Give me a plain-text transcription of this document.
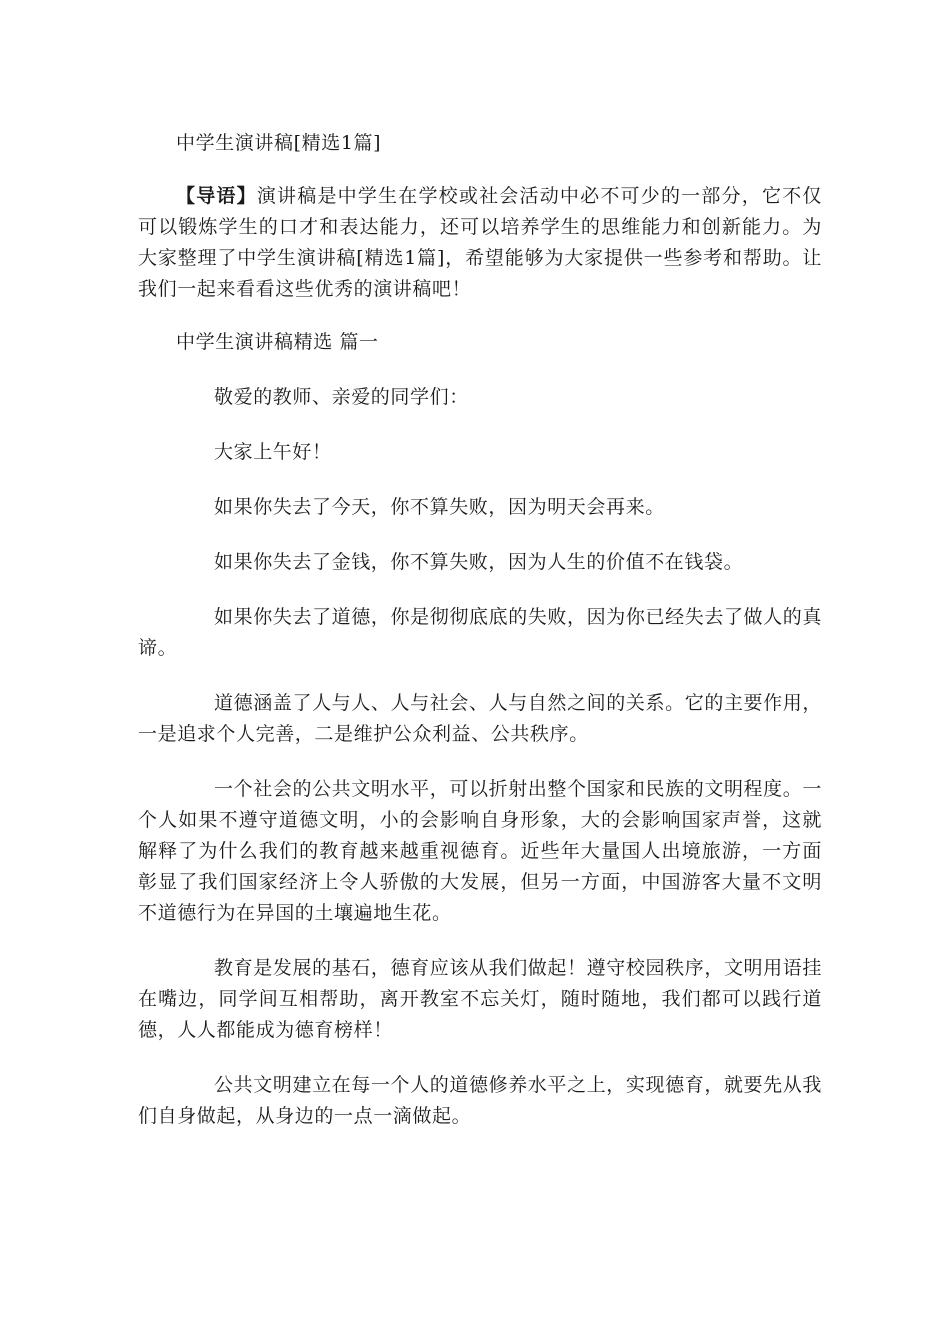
中学生演讲稿[精选1篇]

【导语】演讲稿是中学生在学校或社会活动中必不可少的一部分，它不仅可以锻炼学生的口才和表达能力，还可以培养学生的思维能力和创新能力。为大家整理了中学生演讲稿[精选1篇]，希望能够为大家提供一些参考和帮助。让我们一起来看看这些优秀的演讲稿吧！

中学生演讲稿精选 篇一

敬爱的教师、亲爱的同学们：

大家上午好！

如果你失去了今天，你不算失败，因为明天会再来。

如果你失去了金钱，你不算失败，因为人生的价值不在钱袋。

如果你失去了道德，你是彻彻底底的失败，因为你已经失去了做人的真谛。

道德涵盖了人与人、人与社会、人与自然之间的关系。它的主要作用，一是追求个人完善，二是维护公众利益、公共秩序。

一个社会的公共文明水平，可以折射出整个国家和民族的文明程度。一个人如果不遵守道德文明，小的会影响自身形象，大的会影响国家声誉，这就解释了为什么我们的教育越来越重视德育。近些年大量国人出境旅游，一方面彰显了我们国家经济上令人骄傲的大发展，但另一方面，中国游客大量不文明不道德行为在异国的土壤遍地生花。

教育是发展的基石，德育应该从我们做起！遵守校园秩序，文明用语挂在嘴边，同学间互相帮助，离开教室不忘关灯，随时随地，我们都可以践行道德，人人都能成为德育榜样！

公共文明建立在每一个人的道德修养水平之上，实现德育，就要先从我们自身做起，从身边的一点一滴做起。
